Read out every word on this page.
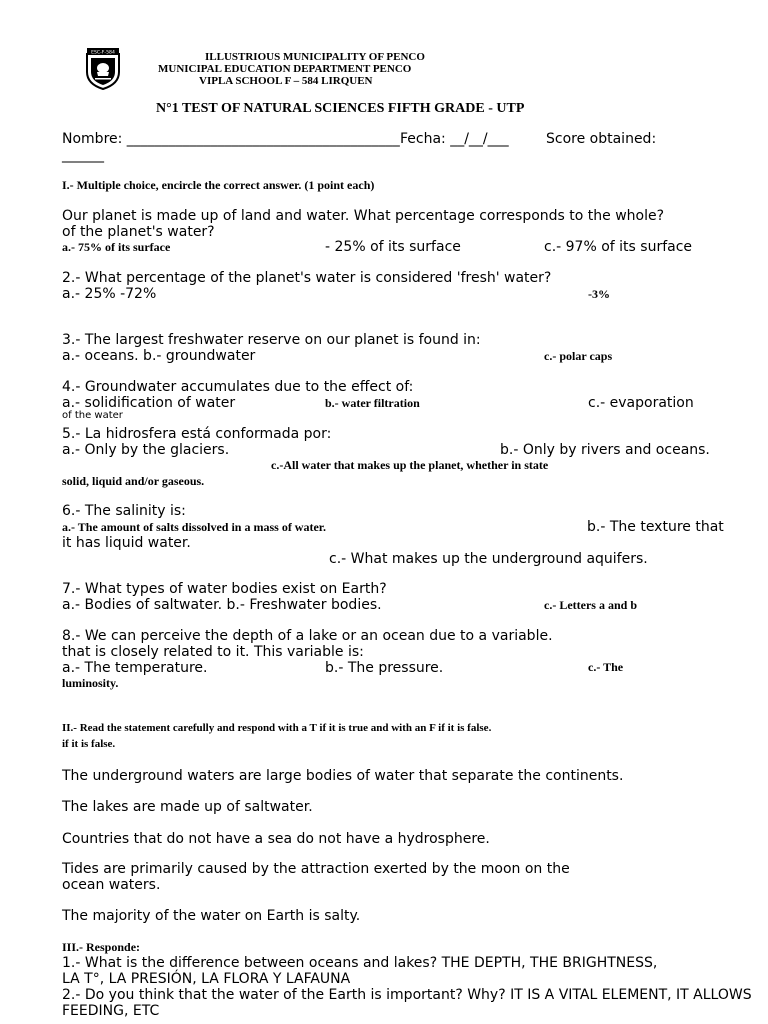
ESC-F-584	ILLUSTRIOUS MUNICIPALITY OF PENCO
MUNICIPAL EDUCATION DEPARTMENT PENCO
VIPLA SCHOOL F – 584 LIRQUEN
N°1 TEST OF NATURAL SCIENCES FIFTH GRADE - UTP
Nombre: _______________________________________ Fecha: __/__/___	Score obtained:
______
I.- Multiple choice, encircle the correct answer. (1 point each)
Our planet is made up of land and water. What percentage corresponds to the whole?
of the planet's water?
a.- 75% of its surface	- 25% of its surface	c.- 97% of its surface
2.- What percentage of the planet's water is considered 'fresh' water?
a.- 25% -72%	-3%
3.- The largest freshwater reserve on our planet is found in:
a.- oceans. b.- groundwater	c.- polar caps
4.- Groundwater accumulates due to the effect of:
a.- solidification of water	b.- water filtration	c.- evaporation
of the water
5.- La hidrosfera está conformada por:
a.- Only by the glaciers.	b.- Only by rivers and oceans.
c.-All water that makes up the planet, whether in state
solid, liquid and/or gaseous.
6.- The salinity is:
a.- The amount of salts dissolved in a mass of water.	b.- The texture that
it has liquid water.
c.- What makes up the underground aquifers.
7.- What types of water bodies exist on Earth?
a.- Bodies of saltwater. b.- Freshwater bodies.	c.- Letters a and b
8.- We can perceive the depth of a lake or an ocean due to a variable.
that is closely related to it. This variable is:
a.- The temperature.	b.- The pressure.	c.- The
luminosity.
II.- Read the statement carefully and respond with a T if it is true and with an F if it is false.
if it is false.
The underground waters are large bodies of water that separate the continents.
The lakes are made up of saltwater.
Countries that do not have a sea do not have a hydrosphere.
Tides are primarily caused by the attraction exerted by the moon on the
ocean waters.
The majority of the water on Earth is salty.
III.- Responde:
1.- What is the difference between oceans and lakes? THE DEPTH, THE BRIGHTNESS,
LA T°, LA PRESIÓN, LA FLORA Y LAFAUNA
2.- Do you think that the water of the Earth is important? Why? IT IS A VITAL ELEMENT, IT ALLOWS
FEEDING, ETC
